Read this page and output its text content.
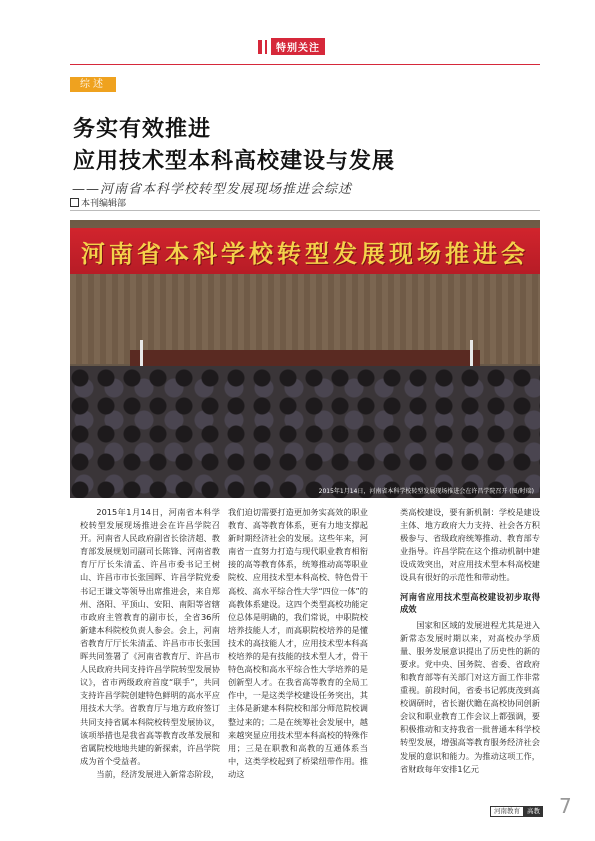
特别关注
综述
务实有效推进
应用技术型本科高校建设与发展
——河南省本科学校转型发展现场推进会综述
本刊编辑部
河南省本科学校转型发展现场推进会
2015年1月14日，河南省本科学校转型发展现场推进会在许昌学院召开 (图/时瑞)

2015年1月14日，河南省本科学校转型发展现场推进会在许昌学院召开。河南省人民政府副省长徐济超、教育部发展规划司副司长陈锋、河南省教育厅厅长朱清孟、许昌市委书记王树山、许昌市市长张国晖、许昌学院党委书记王谦文等领导出席推进会，来自郑州、洛阳、平顶山、安阳、南阳等省辖市政府主管教育的副市长，全省36所新建本科院校负责人参会。会上，河南省教育厅厅长朱清孟、许昌市市长张国晖共同签署了《河南省教育厅、许昌市人民政府共同支持许昌学院转型发展协议》，省市两级政府首度“联手”，共同支持许昌学院创建特色鲜明的高水平应用技术大学。省教育厅与地方政府签订共同支持省属本科院校转型发展协议，该项举措也是我省高等教育改革发展和省属院校地地共建的新探索，许昌学院成为首个受益者。

当前，经济发展进入新常态阶段，

我们迫切需要打造更加务实高效的职业教育、高等教育体系，更有力地支撑起新时期经济社会的发展。这些年来，河南省一直努力打造与现代职业教育相衔接的高等教育体系，统筹推动高等职业院校、应用技术型本科高校、特色骨干高校、高水平综合性大学“四位一体”的高教体系建设。这四个类型高校功能定位总体是明确的，我们常说，中职院校培养技能人才，而高职院校培养的是懂技术的高技能人才，应用技术型本科高校培养的是有技能的技术型人才，骨干特色高校和高水平综合性大学培养的是创新型人才。在我省高等教育的全局工作中，一是这类学校建设任务突出，其主体是新建本科院校和部分师范院校调整过来的；二是在统筹社会发展中，越来越突显应用技术型本科高校的特殊作用；三是在职教和高教的互通体系当中，这类学校起到了桥梁纽带作用。推动这

类高校建设，要有新机制：学校是建设主体、地方政府大力支持、社会各方积极参与、省级政府统筹推动、教育部专业指导。许昌学院在这个推动机制中建设成效突出，对应用技术型本科高校建设具有很好的示范性和带动性。

河南省应用技术型高校建设初步取得成效

国家和区域的发展进程尤其是进入新常态发展时期以来，对高校办学质量、服务发展意识提出了历史性的新的要求。党中央、国务院、省委、省政府和教育部等有关部门对这方面工作非常重视。前段时间，省委书记郭庚茂到高校调研时，省长谢伏瞻在高校协同创新会议和职业教育工作会议上都强调，要积极推动和支持我省一批普通本科学校转型发展，增强高等教育服务经济社会发展的意识和能力。为推动这项工作，省财政每年安排1亿元

河南教育	高教 7
